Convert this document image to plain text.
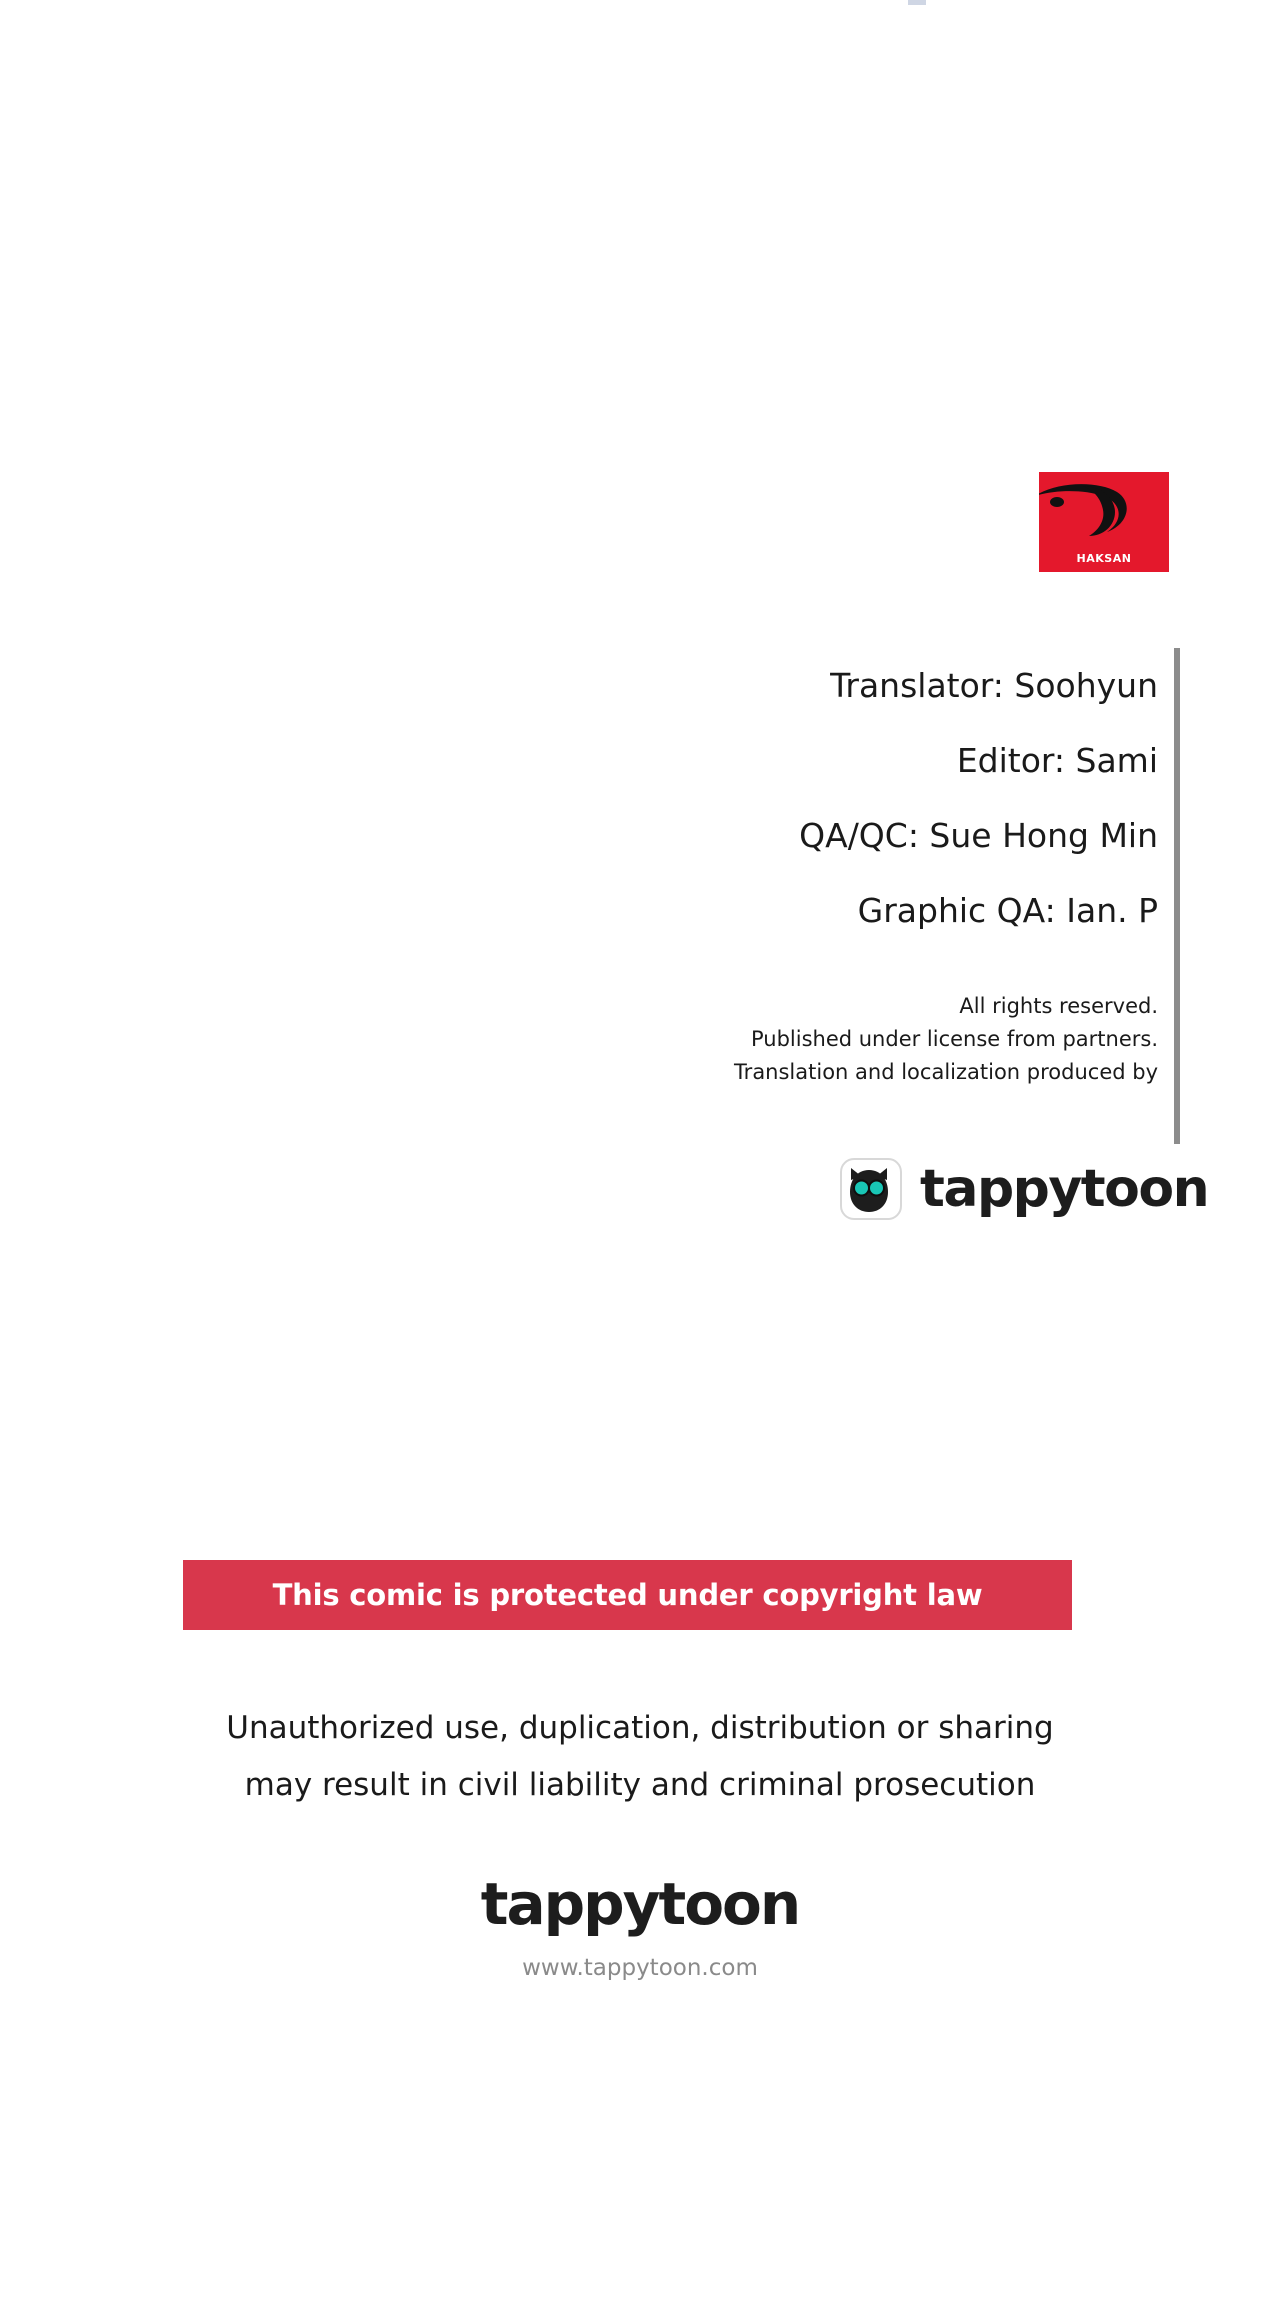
HAKSAN
Translator: Soohyun
Editor: Sami
QA/QC: Sue Hong Min
Graphic QA: Ian. P
All rights reserved.
Published under license from partners.
Translation and localization produced by
tappytoon
This comic is protected under copyright law
Unauthorized use, duplication, distribution or sharing
may result in civil liability and criminal prosecution
tappytoon
www.tappytoon.com
